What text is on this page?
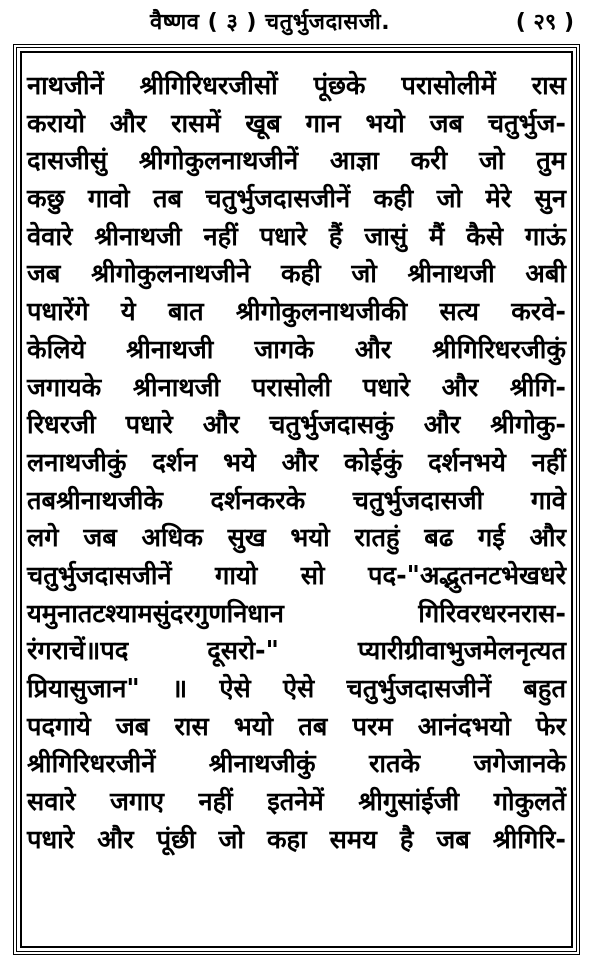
वैष्णव ( ३ ) चतुर्भुजदासजी.	( २९ )
नाथजीनें श्रीगिरिधरजीसों पूंछके परासोलीमें रास
करायो और रासमें खूब गान भयो जब चतुर्भुज-
दासजीसुं श्रीगोकुलनाथजीनें आज्ञा करी जो तुम
कछु गावो तब चतुर्भुजदासजीनें कही जो मेरे सुन
वेवारे श्रीनाथजी नहीं पधारे हैं जासुं मैं कैसे गाऊं
जब श्रीगोकुलनाथजीने कही जो श्रीनाथजी अबी
पधारेंगे ये बात श्रीगोकुलनाथजीकी सत्य करवे-
केलिये श्रीनाथजी जागके और श्रीगिरिधरजीकुं
जगायके श्रीनाथजी परासोली पधारे और श्रीगि-
रिधरजी पधारे और चतुर्भुजदासकुं और श्रीगोकु-
लनाथजीकुं दर्शन भये और कोईकुं दर्शनभये नहीं
तबश्रीनाथजीके दर्शनकरके चतुर्भुजदासजी गावे
लगे जब अधिक सुख भयो रातहुं बढ गई और
चतुर्भुजदासजीनें गायो सो पद-"अद्भुतनटभेखधरे
यमुनातटश्यामसुंदरगुणनिधान गिरिवरधरनरास-
रंगराचें॥पद दूसरो-" प्यारीग्रीवाभुजमेलनृत्यत
प्रियासुजान" ॥ ऐसे ऐसे चतुर्भुजदासजीनें बहुत
पदगाये जब रास भयो तब परम आनंदभयो फेर
श्रीगिरिधरजीनें श्रीनाथजीकुं रातके जगेजानके
सवारे जगाए नहीं इतनेमें श्रीगुसांईजी गोकुलतें
पधारे और पूंछी जो कहा समय है जब श्रीगिरि-
